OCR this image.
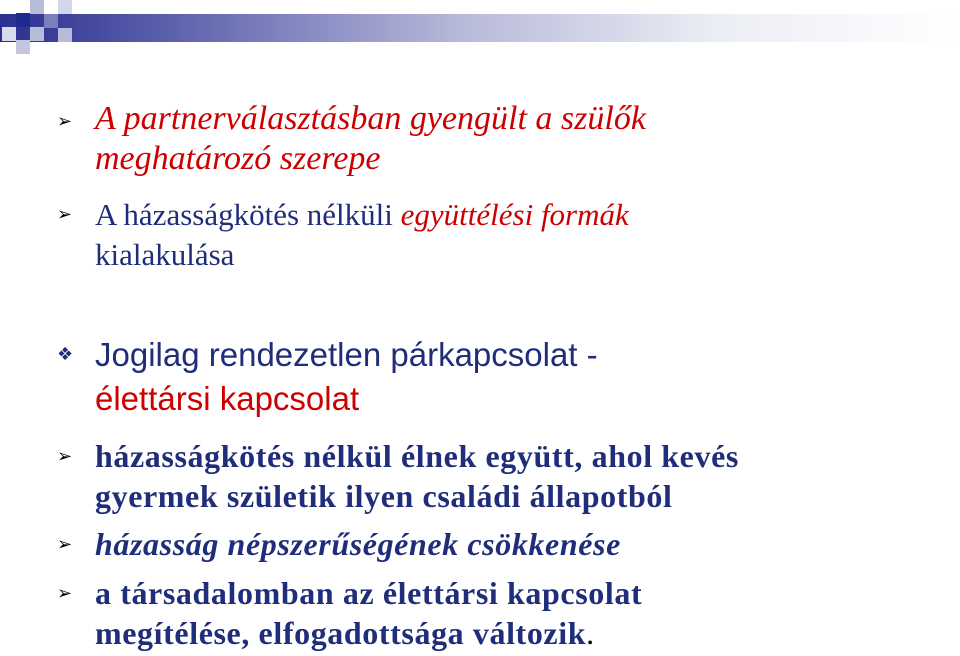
➢ A partnerválasztásban gyengült a szülők
meghatározó szerepe
➢ A házasságkötés nélküli együttélési formák
kialakulása
❖ Jogilag rendezetlen párkapcsolat -
élettársi kapcsolat
➢ házasságkötés nélkül élnek együtt, ahol kevés
gyermek születik ilyen családi állapotból
➢ házasság népszerűségének csökkenése
➢ a társadalomban az élettársi kapcsolat
megítélése, elfogadottsága változik.
